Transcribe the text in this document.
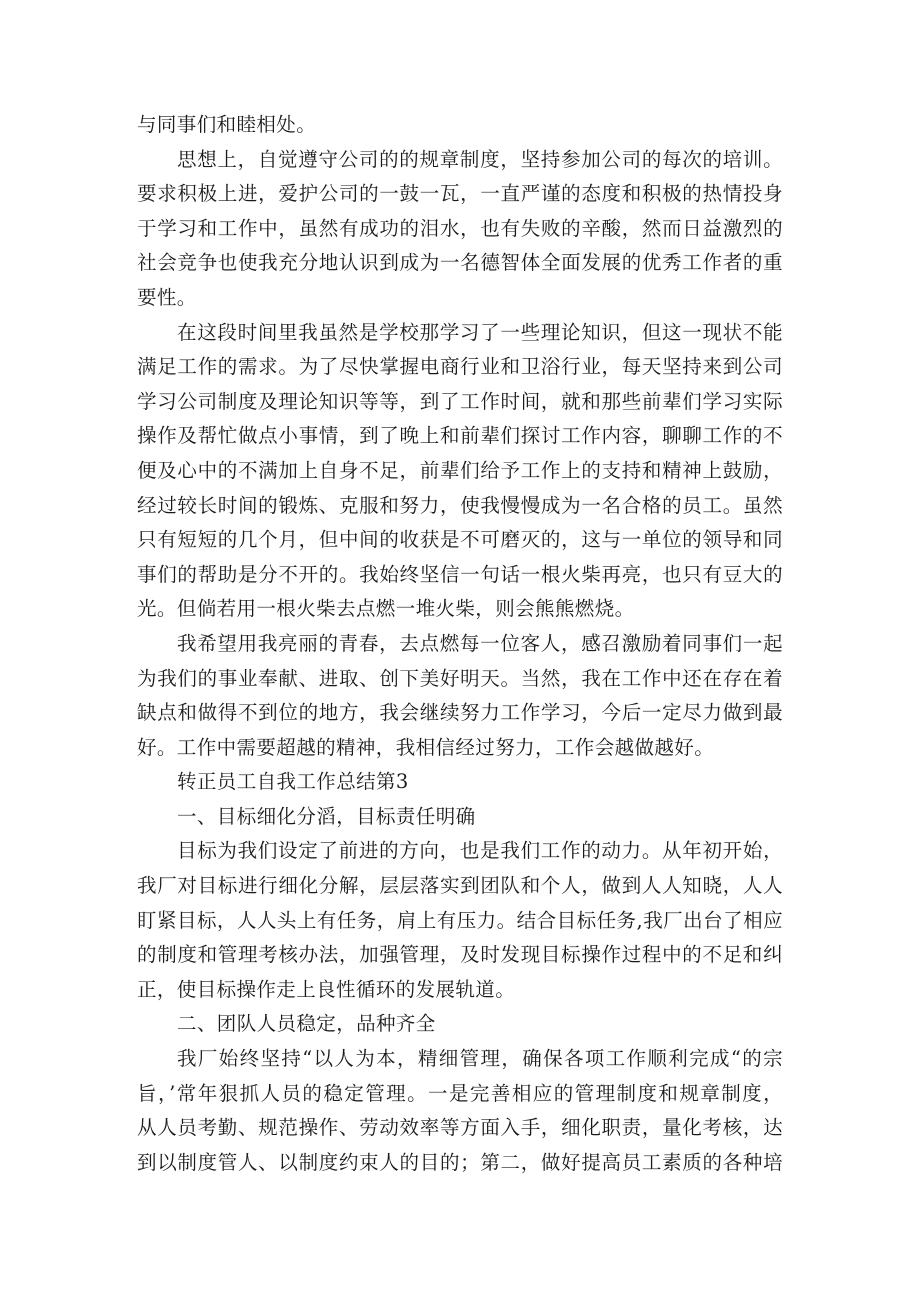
与同事们和睦相处。
思想上，自觉遵守公司的的规章制度，坚持参加公司的每次的培训。
要求积极上进，爱护公司的一鼓一瓦，一直严谨的态度和积极的热情投身
于学习和工作中，虽然有成功的泪水，也有失败的辛酸，然而日益激烈的
社会竞争也使我充分地认识到成为一名德智体全面发展的优秀工作者的重
要性。
在这段时间里我虽然是学校那学习了一些理论知识，但这一现状不能
满足工作的需求。为了尽快掌握电商行业和卫浴行业，每天坚持来到公司
学习公司制度及理论知识等等，到了工作时间，就和那些前辈们学习实际
操作及帮忙做点小事情，到了晚上和前辈们探讨工作内容，聊聊工作的不
便及心中的不满加上自身不足，前辈们给予工作上的支持和精神上鼓励，
经过较长时间的锻炼、克服和努力，使我慢慢成为一名合格的员工。虽然
只有短短的几个月，但中间的收获是不可磨灭的，这与一单位的领导和同
事们的帮助是分不开的。我始终坚信一句话一根火柴再亮，也只有豆大的
光。但倘若用一根火柴去点燃一堆火柴，则会熊熊燃烧。
我希望用我亮丽的青春，去点燃每一位客人，感召激励着同事们一起
为我们的事业奉献、进取、创下美好明天。当然，我在工作中还在存在着
缺点和做得不到位的地方，我会继续努力工作学习，今后一定尽力做到最
好。工作中需要超越的精神，我相信经过努力，工作会越做越好。
转正员工自我工作总结第3
一、目标细化分滔，目标责任明确
目标为我们设定了前进的方向，也是我们工作的动力。从年初开始，
我厂对目标进行细化分解，层层落实到团队和个人，做到人人知晓，人人
盯紧目标，人人头上有任务，肩上有压力。结合目标任务,我厂出台了相应
的制度和管理考核办法，加强管理，及时发现目标操作过程中的不足和纠
正，使目标操作走上良性循环的发展轨道。
二、团队人员稳定，品种齐全
我厂始终坚持“以人为本，精细管理，确保各项工作顺利完成“的宗
旨，’常年狠抓人员的稳定管理。一是完善相应的管理制度和规章制度，
从人员考勤、规范操作、劳动效率等方面入手，细化职责，量化考核，达
到以制度管人、以制度约束人的目的；第二，做好提高员工素质的各种培
